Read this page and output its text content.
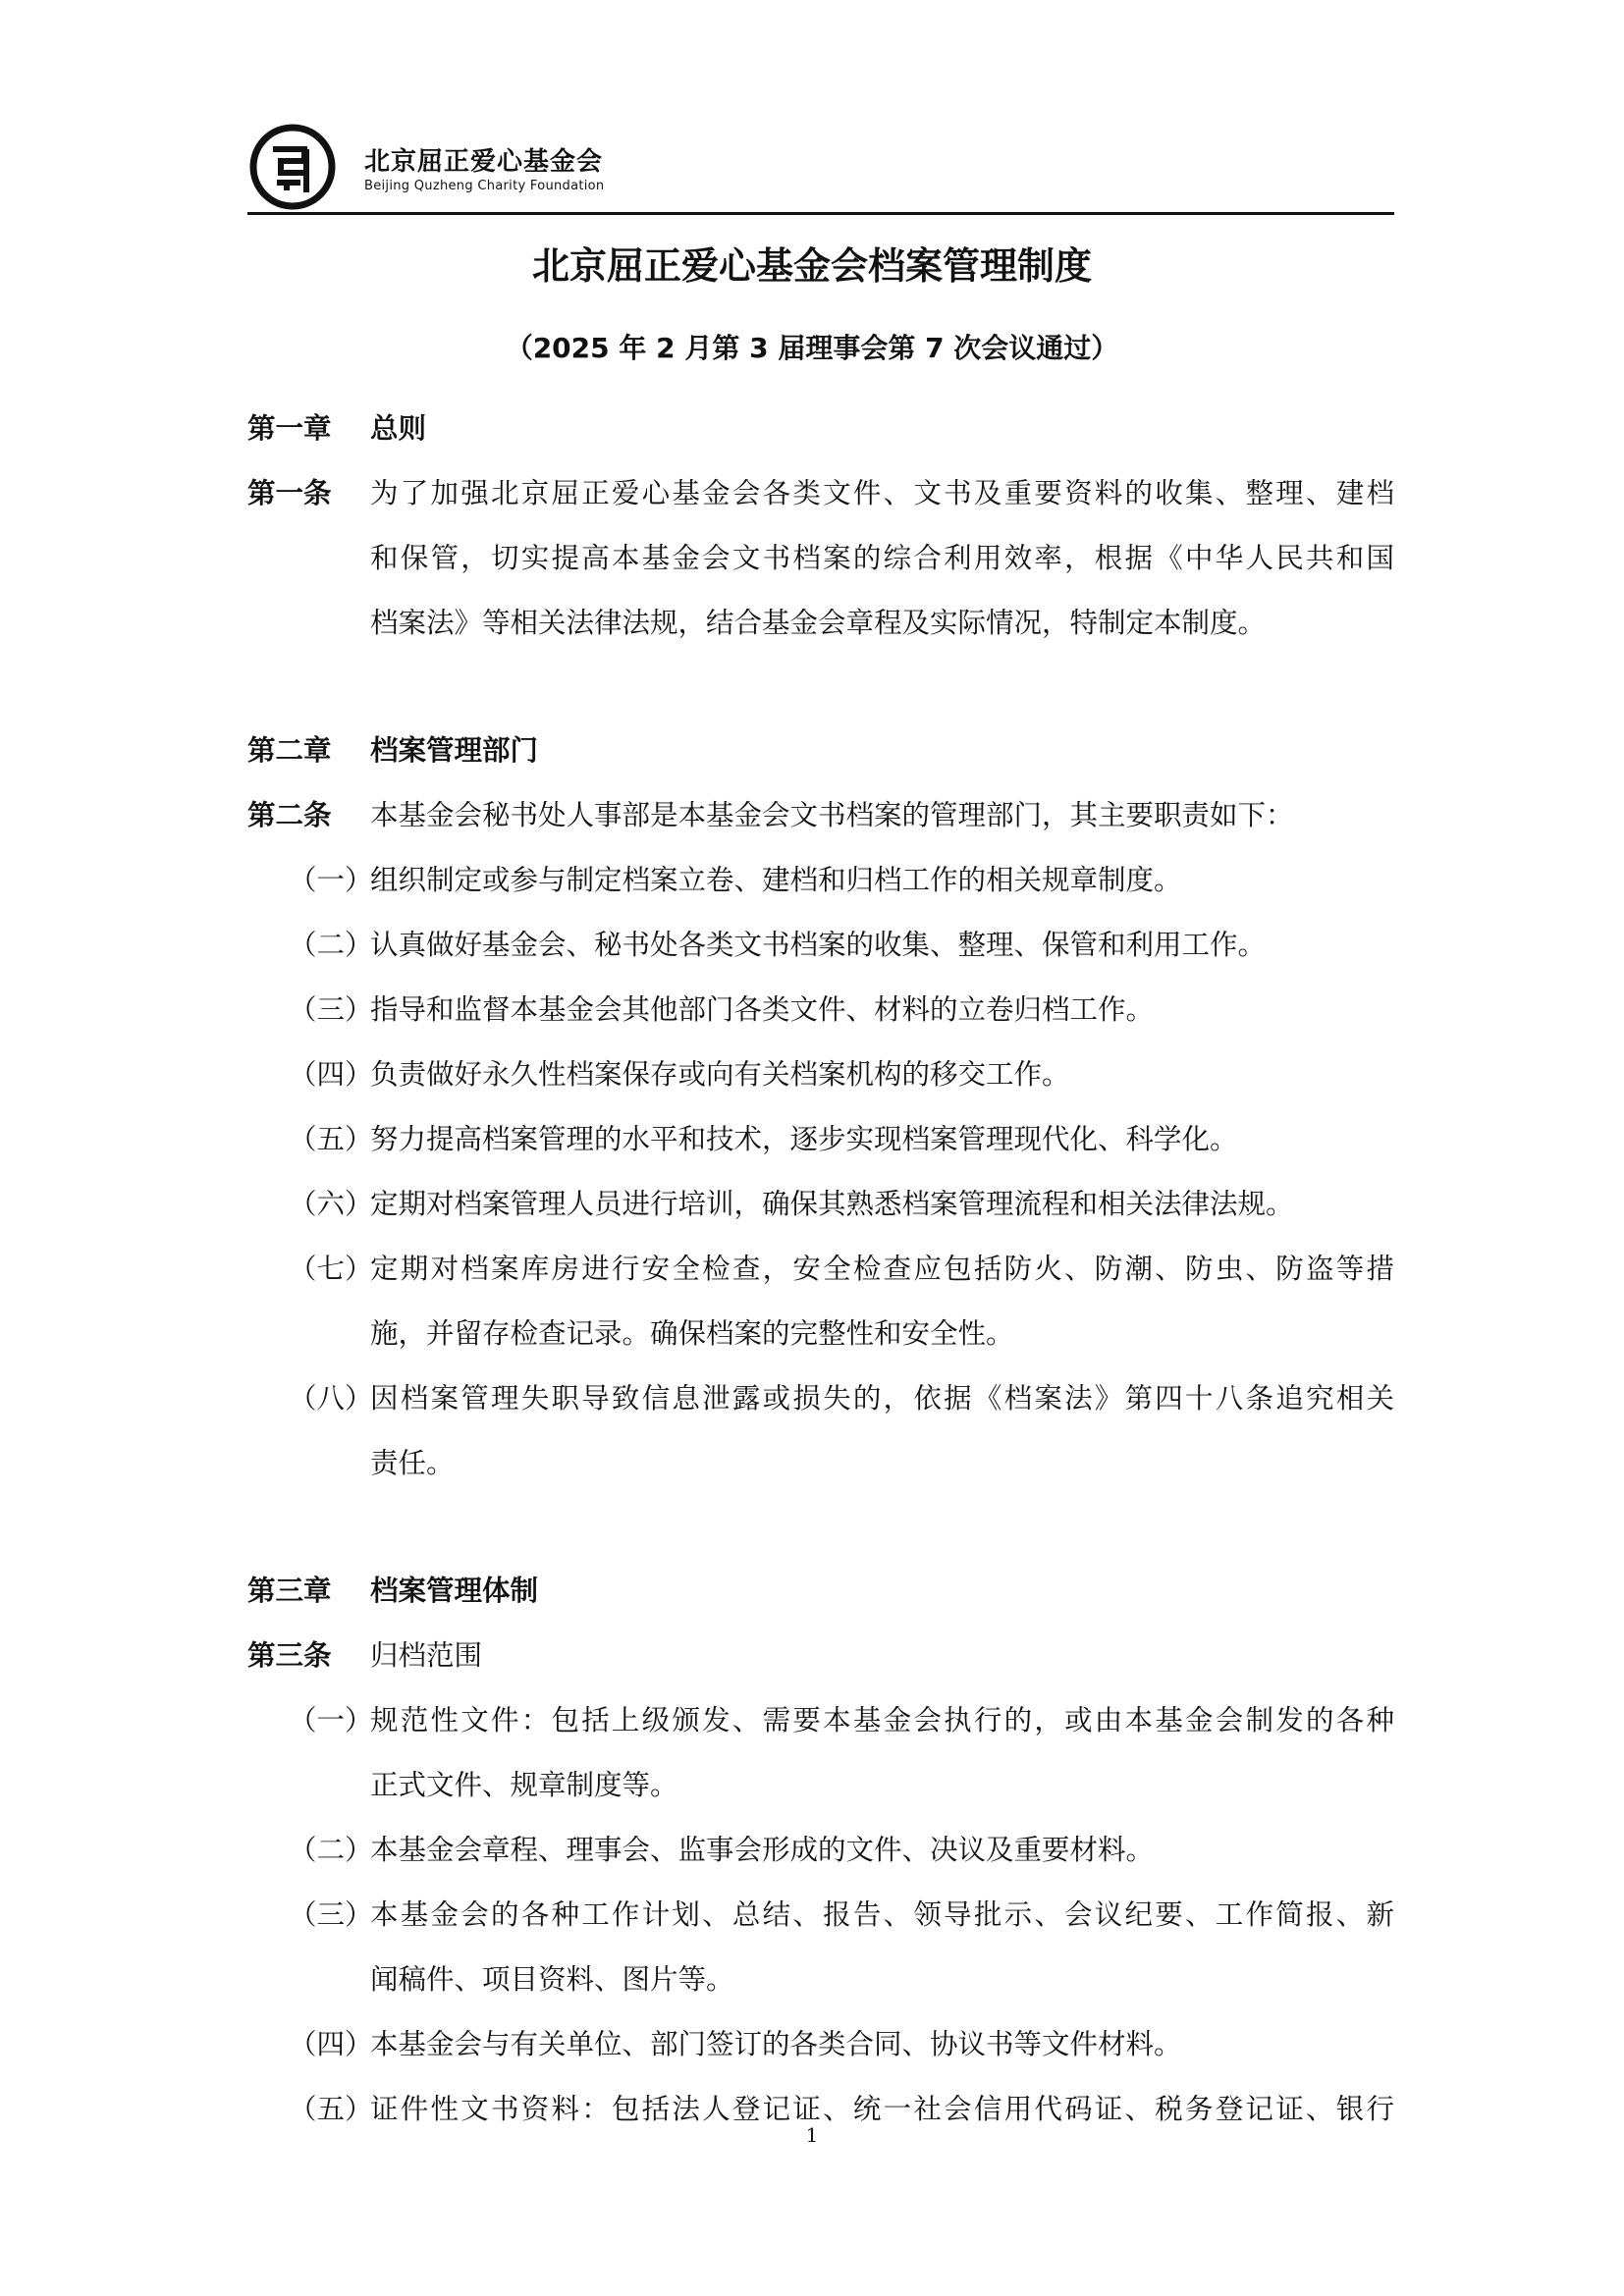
北京屈正爱心基金会
Beijing Quzheng Charity Foundation
北京屈正爱心基金会档案管理制度
（2025 年 2 月第 3 届理事会第 7 次会议通过）
第一章 总则
第一条 为了加强北京屈正爱心基金会各类文件、文书及重要资料的收集、整理、建档
和保管，切实提高本基金会文书档案的综合利用效率，根据《中华人民共和国
档案法》等相关法律法规，结合基金会章程及实际情况，特制定本制度。
第二章 档案管理部门
第二条 本基金会秘书处人事部是本基金会文书档案的管理部门，其主要职责如下：
（一）
组织制定或参与制定档案立卷、建档和归档工作的相关规章制度。
（二）
认真做好基金会、秘书处各类文书档案的收集、整理、保管和利用工作。
（三）
指导和监督本基金会其他部门各类文件、材料的立卷归档工作。
（四）
负责做好永久性档案保存或向有关档案机构的移交工作。
（五）
努力提高档案管理的水平和技术，逐步实现档案管理现代化、科学化。
（六）
定期对档案管理人员进行培训，确保其熟悉档案管理流程和相关法律法规。
（七）
定期对档案库房进行安全检查，安全检查应包括防火、防潮、防虫、防盗等措
施，并留存检查记录。确保档案的完整性和安全性。
（八）
因档案管理失职导致信息泄露或损失的，依据《档案法》第四十八条追究相关
责任。
第三章 档案管理体制
第三条 归档范围
（一）
规范性文件：包括上级颁发、需要本基金会执行的，或由本基金会制发的各种
正式文件、规章制度等。
（二）
本基金会章程、理事会、监事会形成的文件、决议及重要材料。
（三）
本基金会的各种工作计划、总结、报告、领导批示、会议纪要、工作简报、新
闻稿件、项目资料、图片等。
（四）
本基金会与有关单位、部门签订的各类合同、协议书等文件材料。
（五）
证件性文书资料：包括法人登记证、统一社会信用代码证、税务登记证、银行
1
